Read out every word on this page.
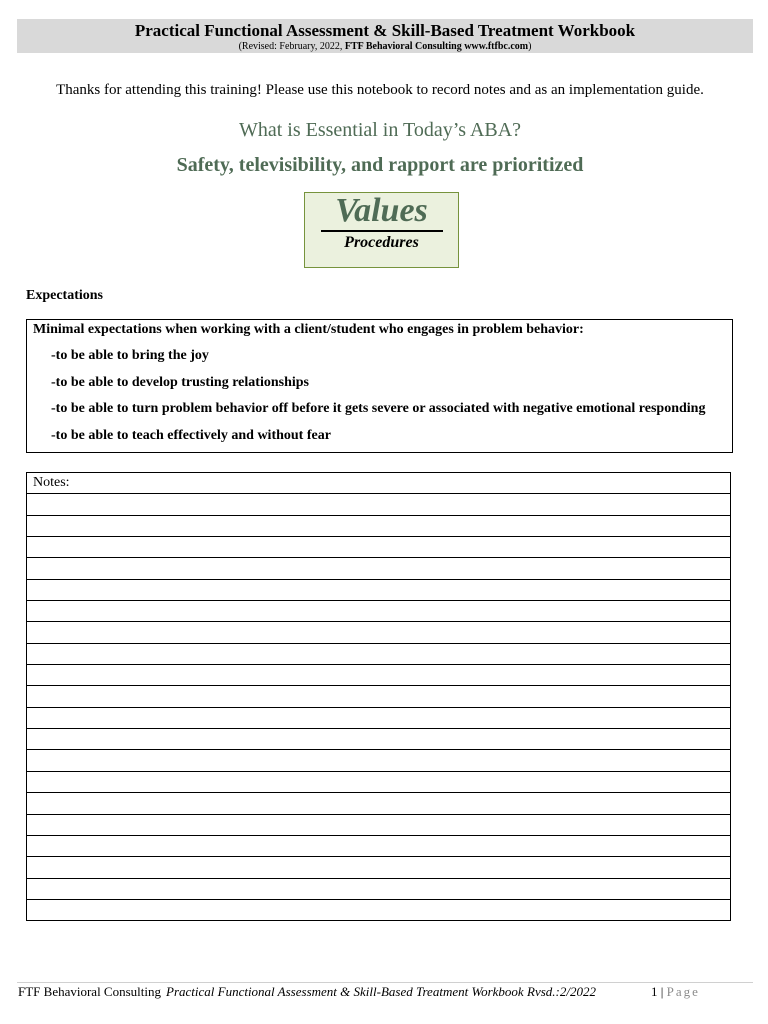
Practical Functional Assessment & Skill-Based Treatment Workbook
(Revised: February, 2022, FTF Behavioral Consulting www.ftfbc.com)
Thanks for attending this training! Please use this notebook to record notes and as an implementation guide.
What is Essential in Today’s ABA?
Safety, televisibility, and rapport are prioritized
Values
Procedures
Expectations
Minimal expectations when working with a client/student who engages in problem behavior:
-to be able to bring the joy
-to be able to develop trusting relationships
-to be able to turn problem behavior off before it gets severe or associated with negative emotional responding
-to be able to teach effectively and without fear
Notes:

FTF Behavioral Consulting Practical Functional Assessment & Skill-Based Treatment Workbook Rvsd.:2/2022	1 | Page
